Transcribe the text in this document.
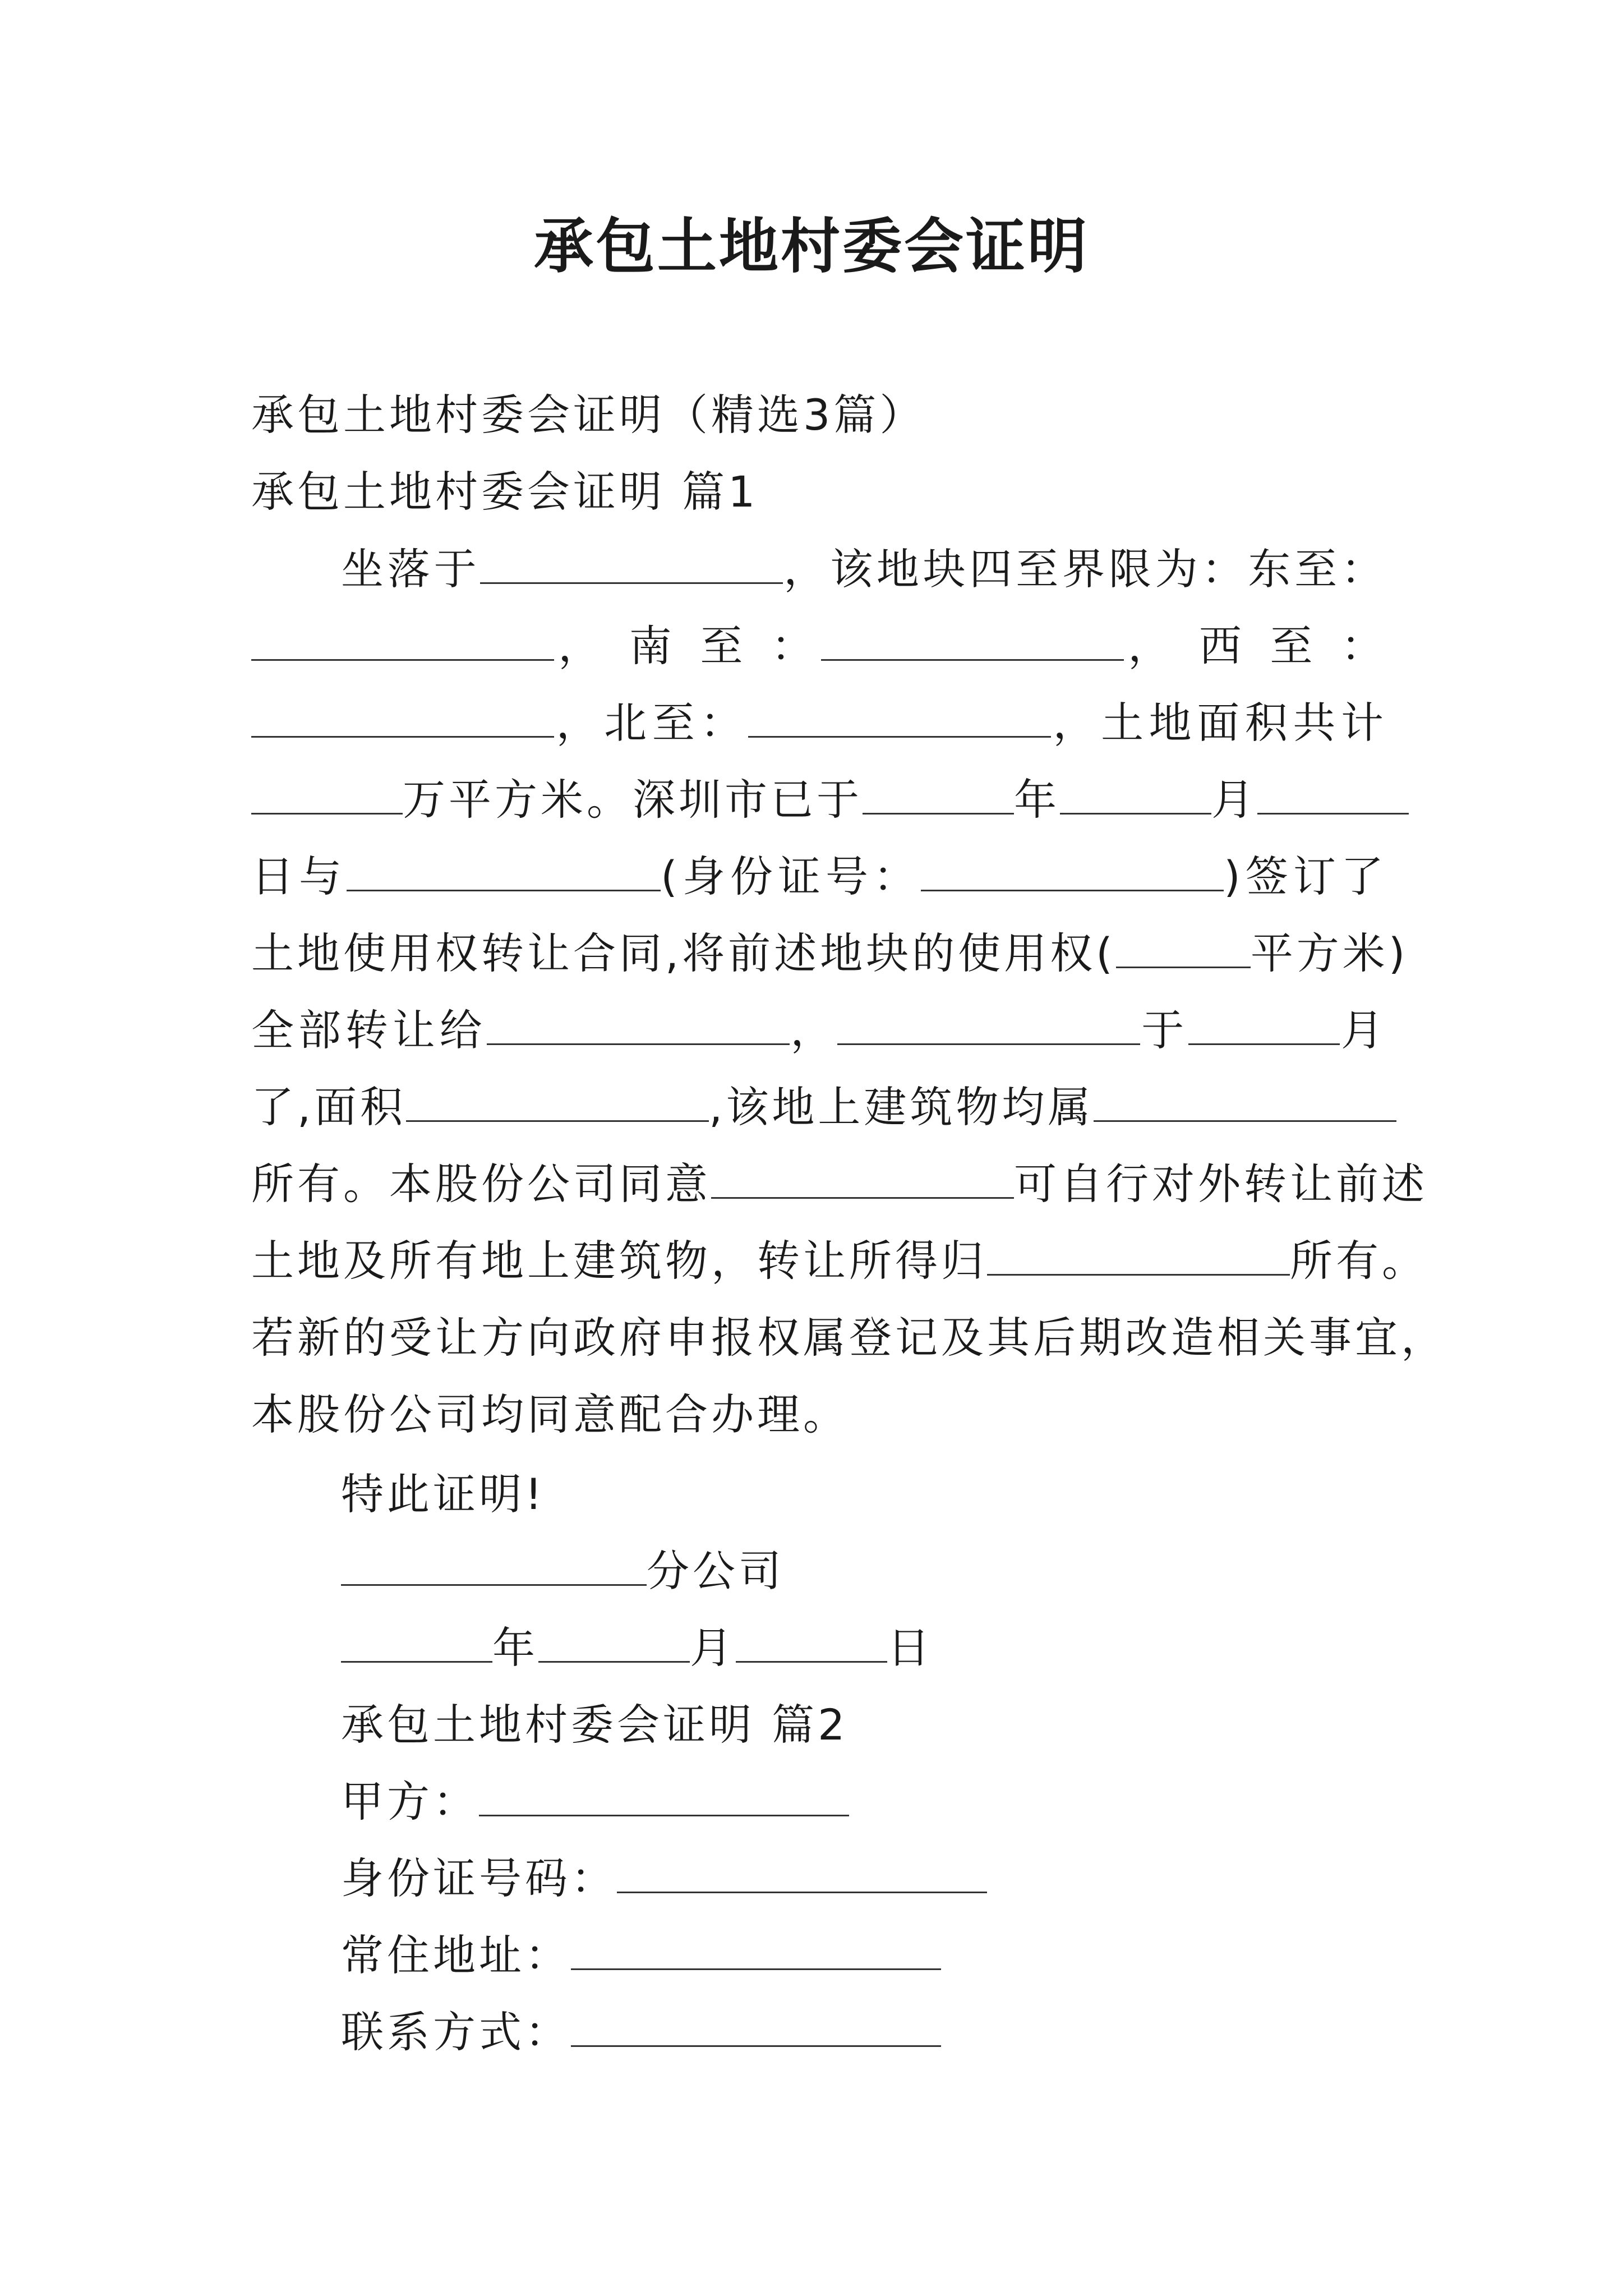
承包土地村委会证明
承包土地村委会证明（精选3篇）
承包土地村委会证明 篇1
坐落于	，该地块四至界限为：东至：
， 南 至 ：	， 西 至 ：
，北至：	，土地面积共计
万平方米。深圳市已于	年	月
日与	(身份证号：	)签订了
土地使用权转让合同,将前述地块的使用权(	平方米)
全部转让给	，	于	月
了,面积	,该地上建筑物均属
所有。本股份公司同意	可自行对外转让前述
土地及所有地上建筑物，转让所得归	所有。
若新的受让方向政府申报权属登记及其后期改造相关事宜，
本股份公司均同意配合办理。
特此证明!
分公司
年	月	日
承包土地村委会证明 篇2
甲方：
身份证号码：
常住地址：
联系方式：
